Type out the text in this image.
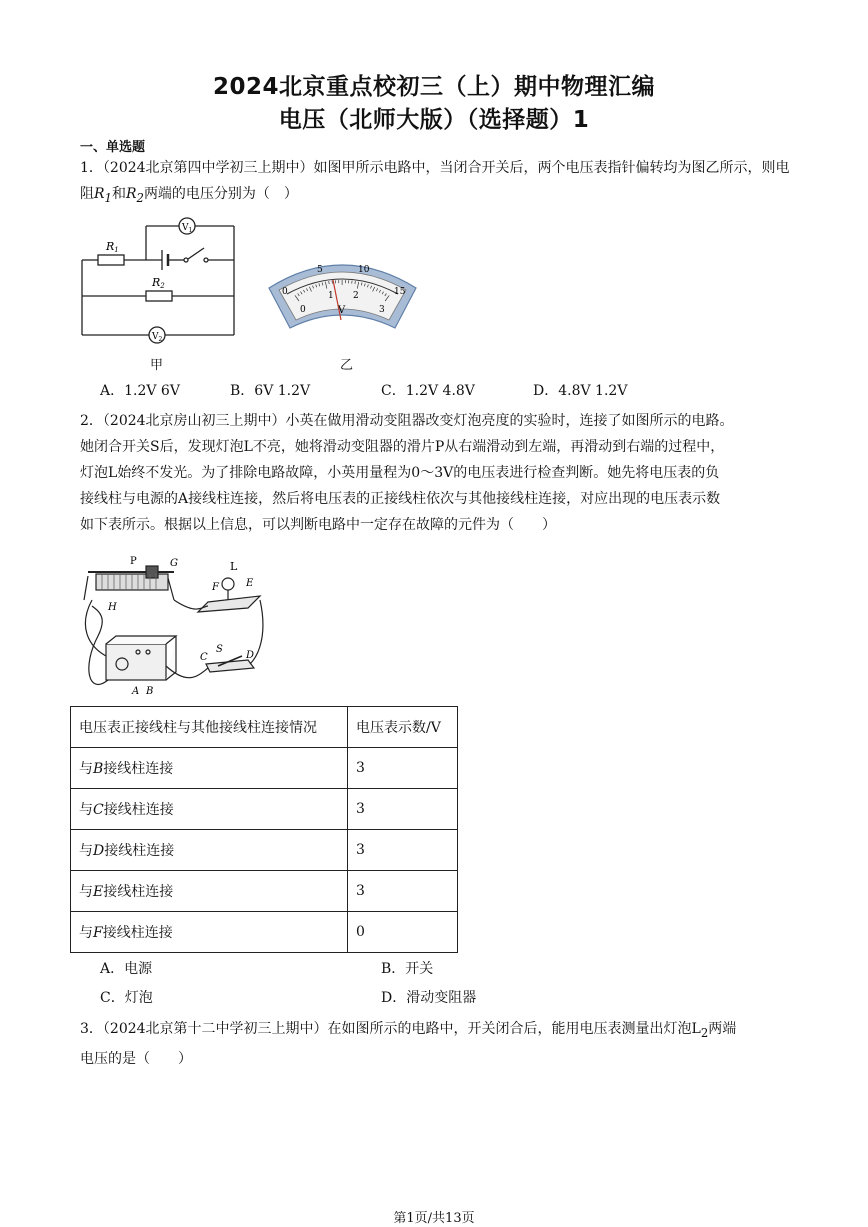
2024北京重点校初三（上）期中物理汇编
电压（北师大版）（选择题）1
一、单选题
1．（2024北京第四中学初三上期中）如图甲所示电路中，当闭合开关后，两个电压表指针偏转均为图乙所示，则电阻$R_1$和$R_2$两端的电压分别为（　）
R1
R2
$V_1$
$V_2$
甲
0
5	10
15
0
1 2
3
V
乙
A．1.2V 6V	B．6V 1.2V	C．1.2V 4.8V	D．4.8V 1.2V
2．（2024北京房山初三上期中）小英在做用滑动变阻器改变灯泡亮度的实验时，连接了如图所示的电路。
她闭合开关S后，发现灯泡L不亮，她将滑动变阻器的滑片P从右端滑动到左端，再滑动到右端的过程中，
灯泡L始终不发光。为了排除电路故障，小英用量程为0～3V的电压表进行检查判断。她先将电压表的负
接线柱与电源的A接线柱连接，然后将电压表的正接线柱依次与其他接线柱连接，对应出现的电压表示数
如下表所示。根据以上信息，可以判断电路中一定存在故障的元件为（　　）
P	G	L
F	E
H
S
C	D
A B
电压表正接线柱与其他接线柱连接情况	电压表示数/V
与B接线柱连接	3
与C接线柱连接	3
与D接线柱连接	3
与E接线柱连接	3
与F接线柱连接	0
A．电源	B．开关
C．灯泡	D．滑动变阻器
3．（2024北京第十二中学初三上期中）在如图所示的电路中，开关闭合后，能用电压表测量出灯泡$L_2$两端
电压的是（　　）
第1页/共13页
